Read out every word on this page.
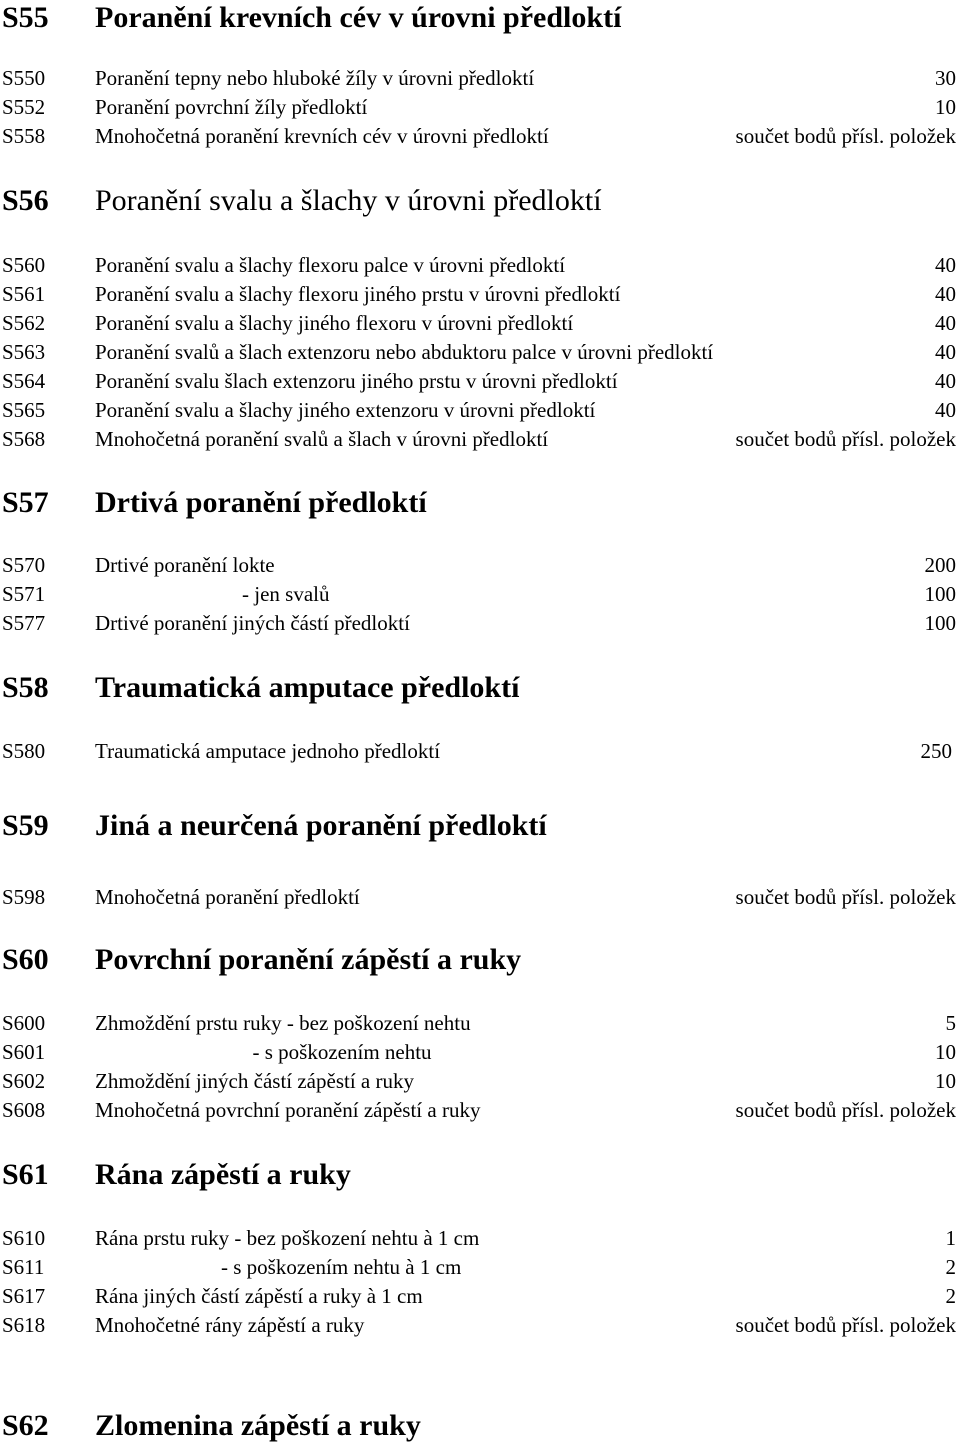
S55 Poranění krevních cév v úrovni předloktí
S550 Poranění tepny nebo hluboké žíly v úrovni předloktí	30
S552 Poranění povrchní žíly předloktí	10
S558 Mnohočetná poranění krevních cév v úrovni předloktí	součet bodů přísl. položek
S56 Poranění svalu a šlachy v úrovni předloktí
S560 Poranění svalu a šlachy flexoru palce v úrovni předloktí	40
S561 Poranění svalu a šlachy flexoru jiného prstu v úrovni předloktí	40
S562 Poranění svalu a šlachy jiného flexoru v úrovni předloktí	40
S563 Poranění svalů a šlach extenzoru nebo abduktoru palce v úrovni předloktí	40
S564 Poranění svalu šlach extenzoru jiného prstu v úrovni předloktí	40
S565 Poranění svalu a šlachy jiného extenzoru v úrovni předloktí	40
S568 Mnohočetná poranění svalů a šlach v úrovni předloktí	součet bodů přísl. položek
S57 Drtivá poranění předloktí
S570 Drtivé poranění lokte	200
S571 - jen svalů	100
S577 Drtivé poranění jiných částí předloktí	100
S58 Traumatická amputace předloktí
S580 Traumatická amputace jednoho předloktí	250
S59 Jiná a neurčená poranění předloktí
S598 Mnohočetná poranění předloktí	součet bodů přísl. položek
S60 Povrchní poranění zápěstí a ruky
S600 Zhmoždění prstu ruky - bez poškození nehtu	5
S601 - s poškozením nehtu	10
S602 Zhmoždění jiných částí zápěstí a ruky	10
S608 Mnohočetná povrchní poranění zápěstí a ruky	součet bodů přísl. položek
S61 Rána zápěstí a ruky
S610 Rána prstu ruky - bez poškození nehtu à 1 cm	1
S611 - s poškozením nehtu à 1 cm	2
S617 Rána jiných částí zápěstí a ruky à 1 cm	2
S618 Mnohočetné rány zápěstí a ruky	součet bodů přísl. položek
S62 Zlomenina zápěstí a ruky
